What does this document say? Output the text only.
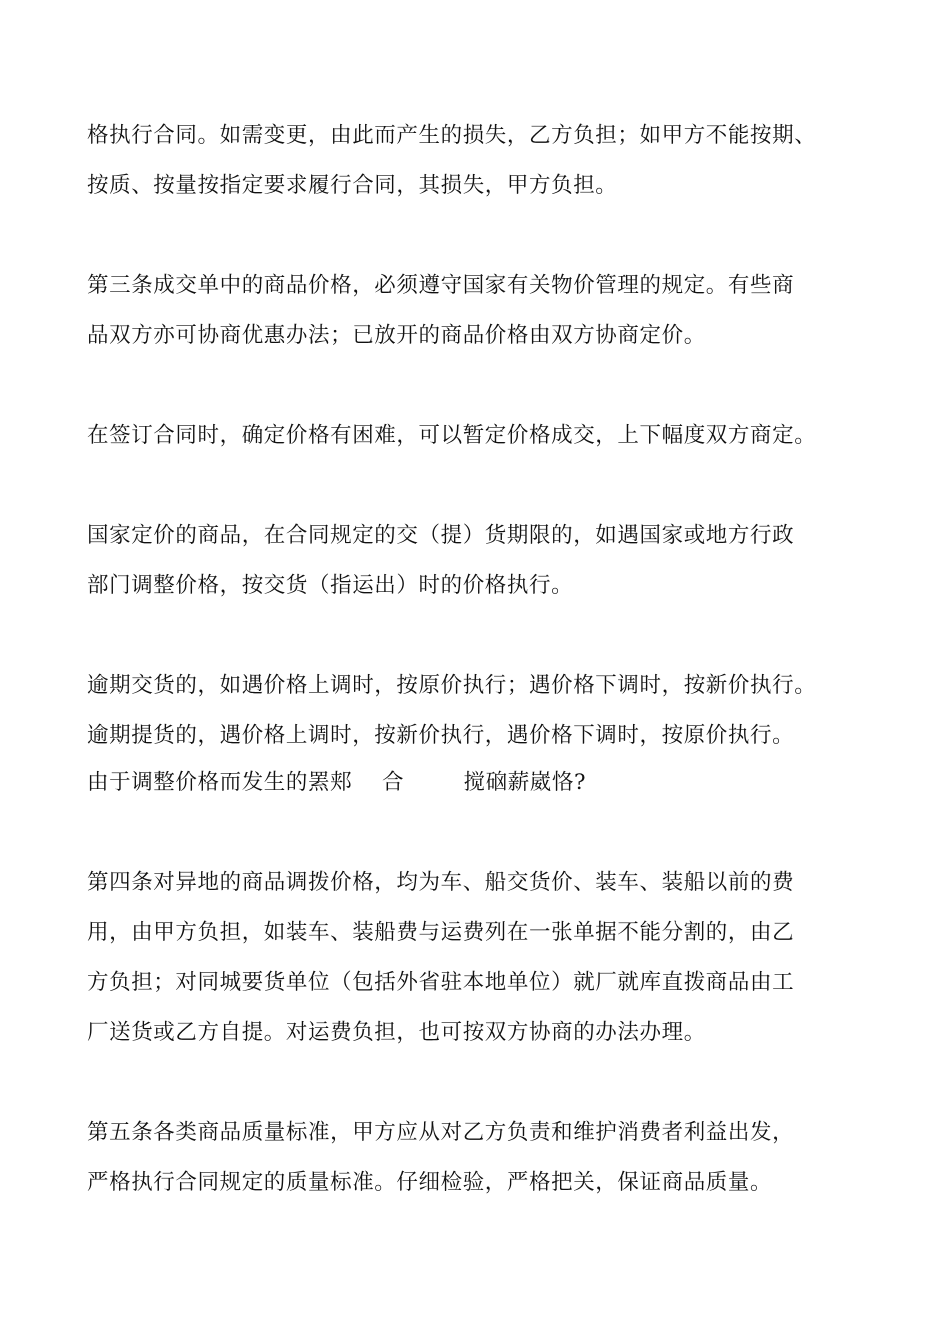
格执行合同。如需变更，由此而产生的损失，乙方负担；如甲方不能按期、
按质、按量按指定要求履行合同，其损失，甲方负担。
第三条成交单中的商品价格，必须遵守国家有关物价管理的规定。有些商
品双方亦可协商优惠办法；已放开的商品价格由双方协商定价。
在签订合同时，确定价格有困难，可以暂定价格成交，上下幅度双方商定。
国家定价的商品，在合同规定的交（提）货期限的，如遇国家或地方行政
部门调整价格，按交货（指运出）时的价格执行。
逾期交货的，如遇价格上调时，按原价执行；遇价格下调时，按新价执行。
逾期提货的，遇价格上调时，按新价执行，遇价格下调时，按原价执行。
由于调整价格而发生的罴郏    合        搅硇薪崴恪?
第四条对异地的商品调拨价格，均为车、船交货价、装车、装船以前的费
用，由甲方负担，如装车、装船费与运费列在一张单据不能分割的，由乙
方负担；对同城要货单位（包括外省驻本地单位）就厂就库直拨商品由工
厂送货或乙方自提。对运费负担，也可按双方协商的办法办理。
第五条各类商品质量标准，甲方应从对乙方负责和维护消费者利益出发，
严格执行合同规定的质量标准。仔细检验，严格把关，保证商品质量。
